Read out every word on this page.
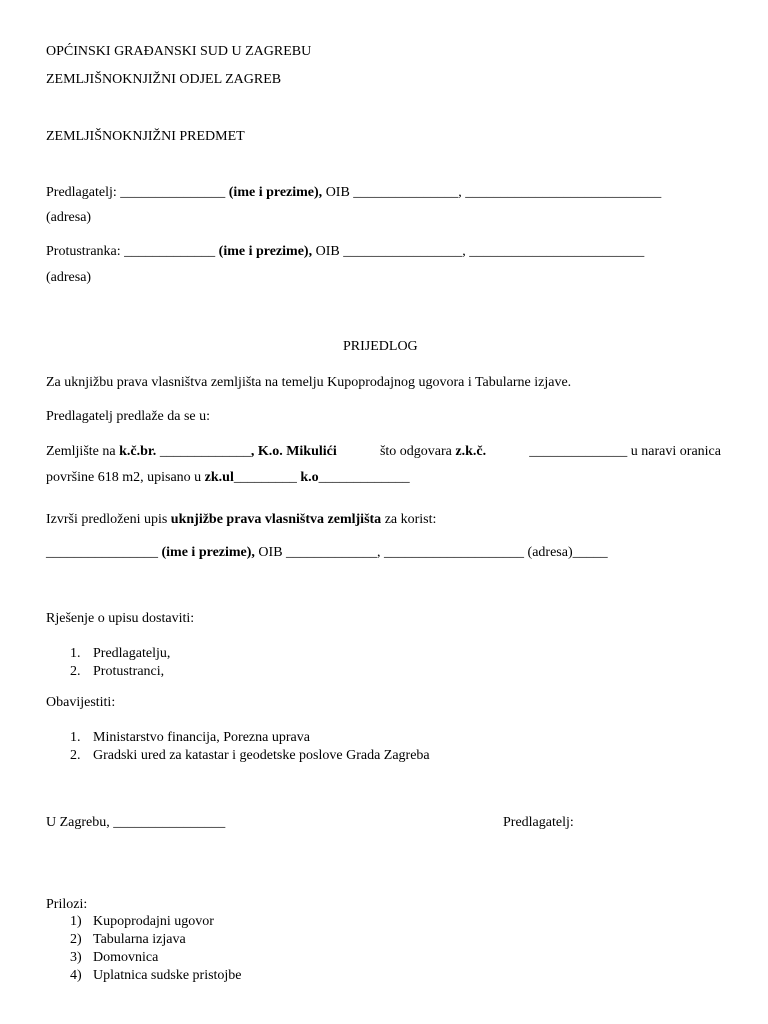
OPĆINSKI GRAĐANSKI SUD U ZAGREBU
ZEMLJIŠNOKNJIŽNI ODJEL ZAGREB
ZEMLJIŠNOKNJIŽNI PREDMET
Predlagatelj: _______________ (ime i prezime), OIB _______________, ____________________________
(adresa)
Protustranka: _____________ (ime i prezime), OIB _________________, _________________________
(adresa)
PRIJEDLOG
Za uknjižbu prava vlasništva zemljišta na temelju Kupoprodajnog ugovora i Tabularne izjave.
Predlagatelj predlaže da se u:
Zemljište na k.č.br. _____________, K.o. Mikulići	što odgovara z.k.č.	______________ u naravi oranica
površine 618 m2, upisano u zk.ul_________ k.o_____________
Izvrši predloženi upis uknjižbe prava vlasništva zemljišta za korist:
________________ (ime i prezime), OIB _____________, ____________________ (adresa)_____
Rješenje o upisu dostaviti:
1. Predlagatelju,
2. Protustranci,
Obavijestiti:
1. Ministarstvo financija, Porezna uprava
2. Gradski ured za katastar i geodetske poslove Grada Zagreba
U Zagrebu, ________________	Predlagatelj:
Prilozi:
1) Kupoprodajni ugovor
2) Tabularna izjava
3) Domovnica
4) Uplatnica sudske pristojbe
